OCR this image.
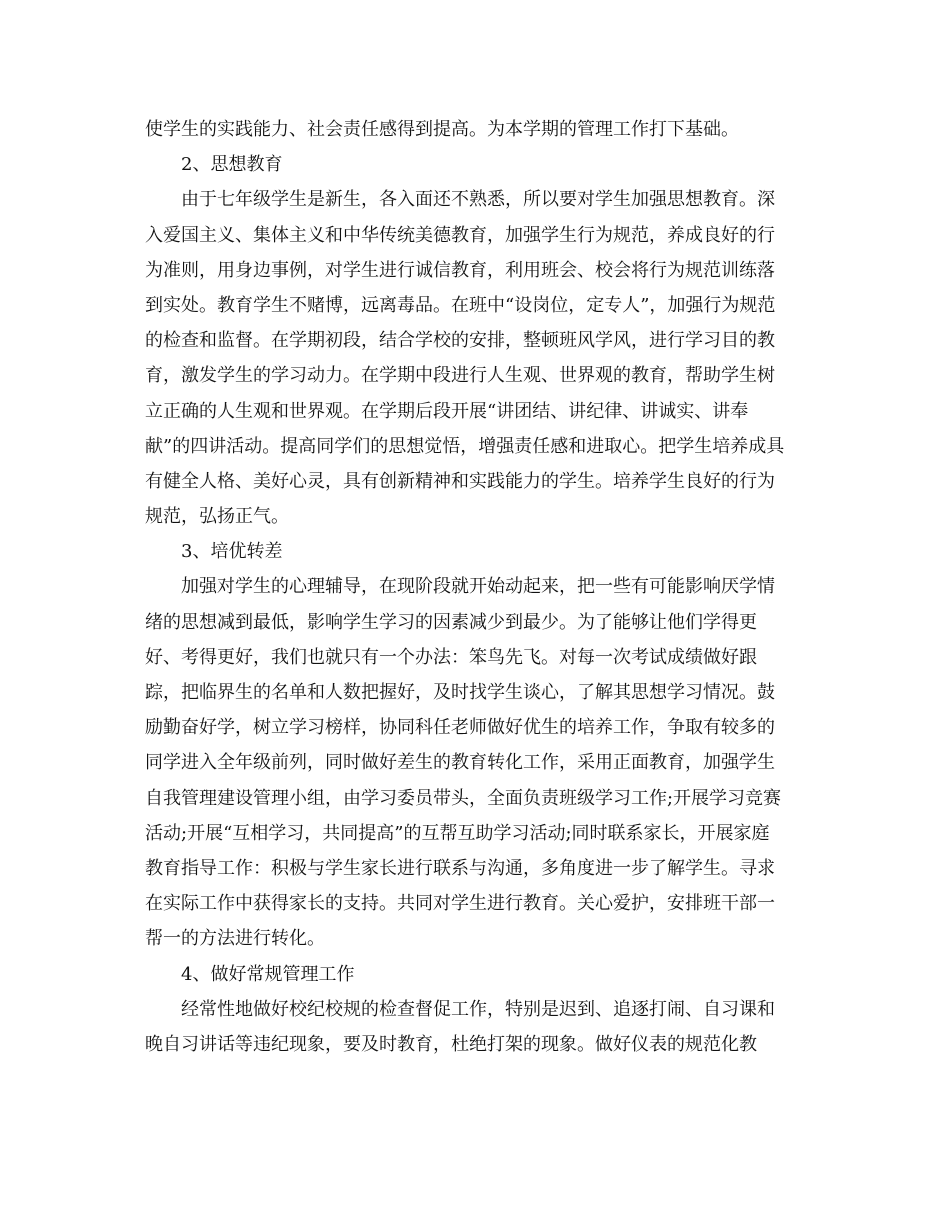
使学生的实践能力、社会责任感得到提高。为本学期的管理工作打下基础。
2、思想教育
由于七年级学生是新生，各入面还不熟悉，所以要对学生加强思想教育。深
入爱国主义、集体主义和中华传统美德教育，加强学生行为规范，养成良好的行
为准则，用身边事例，对学生进行诚信教育，利用班会、校会将行为规范训练落
到实处。教育学生不赌博，远离毒品。在班中“设岗位，定专人”，加强行为规范
的检查和监督。在学期初段，结合学校的安排，整顿班风学风，进行学习目的教
育，激发学生的学习动力。在学期中段进行人生观、世界观的教育，帮助学生树
立正确的人生观和世界观。在学期后段开展“讲团结、讲纪律、讲诚实、讲奉
献”的四讲活动。提高同学们的思想觉悟，增强责任感和进取心。把学生培养成具
有健全人格、美好心灵，具有创新精神和实践能力的学生。培养学生良好的行为
规范，弘扬正气。
3、培优转差
加强对学生的心理辅导，在现阶段就开始动起来，把一些有可能影响厌学情
绪的思想减到最低，影响学生学习的因素减少到最少。为了能够让他们学得更
好、考得更好，我们也就只有一个办法：笨鸟先飞。对每一次考试成绩做好跟
踪，把临界生的名单和人数把握好，及时找学生谈心，了解其思想学习情况。鼓
励勤奋好学，树立学习榜样，协同科任老师做好优生的培养工作，争取有较多的
同学进入全年级前列，同时做好差生的教育转化工作，采用正面教育，加强学生
自我管理建设管理小组，由学习委员带头，全面负责班级学习工作;开展学习竞赛
活动;开展“互相学习，共同提高”的互帮互助学习活动;同时联系家长，开展家庭
教育指导工作：积极与学生家长进行联系与沟通，多角度进一步了解学生。寻求
在实际工作中获得家长的支持。共同对学生进行教育。关心爱护，安排班干部一
帮一的方法进行转化。
4、做好常规管理工作
经常性地做好校纪校规的检查督促工作，特别是迟到、追逐打闹、自习课和
晚自习讲话等违纪现象，要及时教育，杜绝打架的现象。做好仪表的规范化教
